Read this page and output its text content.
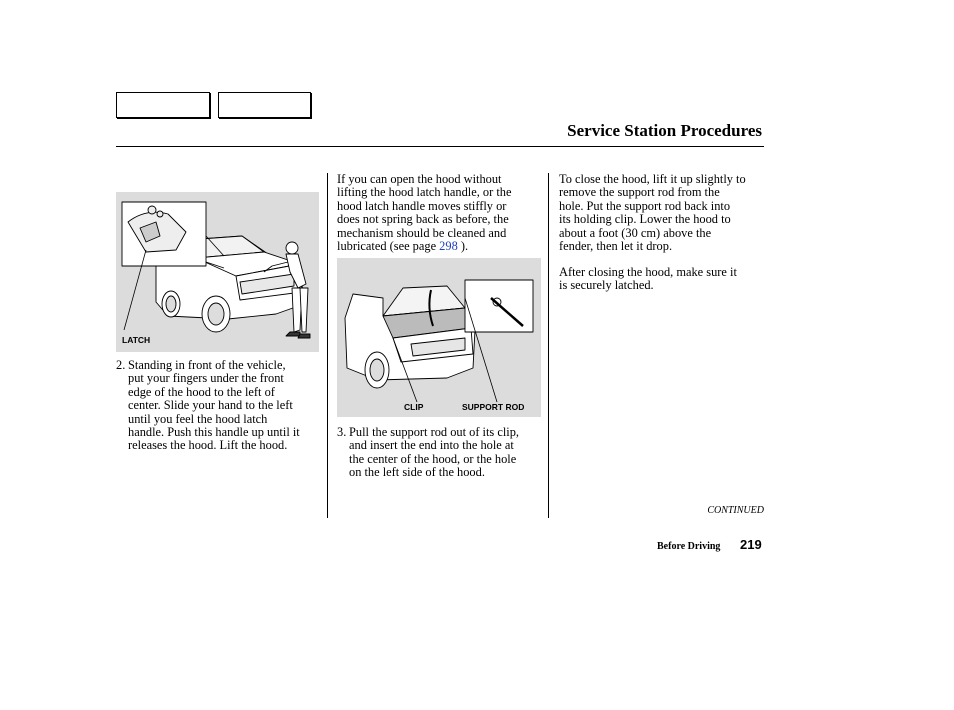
Service Station Procedures
LATCH
2. Standing in front of the vehicle,
put your fingers under the front
edge of the hood to the left of
center. Slide your hand to the left
until you feel the hood latch
handle. Push this handle up until it
releases the hood. Lift the hood.
If you can open the hood without
lifting the hood latch handle, or the
hood latch handle moves stiffly or
does not spring back as before, the
mechanism should be cleaned and
lubricated (see page 298 ).
CLIP	SUPPORT ROD
3. Pull the support rod out of its clip,
and insert the end into the hole at
the center of the hood, or the hole
on the left side of the hood.
To close the hood, lift it up slightly to
remove the support rod from the
hole. Put the support rod back into
its holding clip. Lower the hood to
about a foot (30 cm) above the
fender, then let it drop.
After closing the hood, make sure it
is securely latched.
CONTINUED
Before Driving 219
